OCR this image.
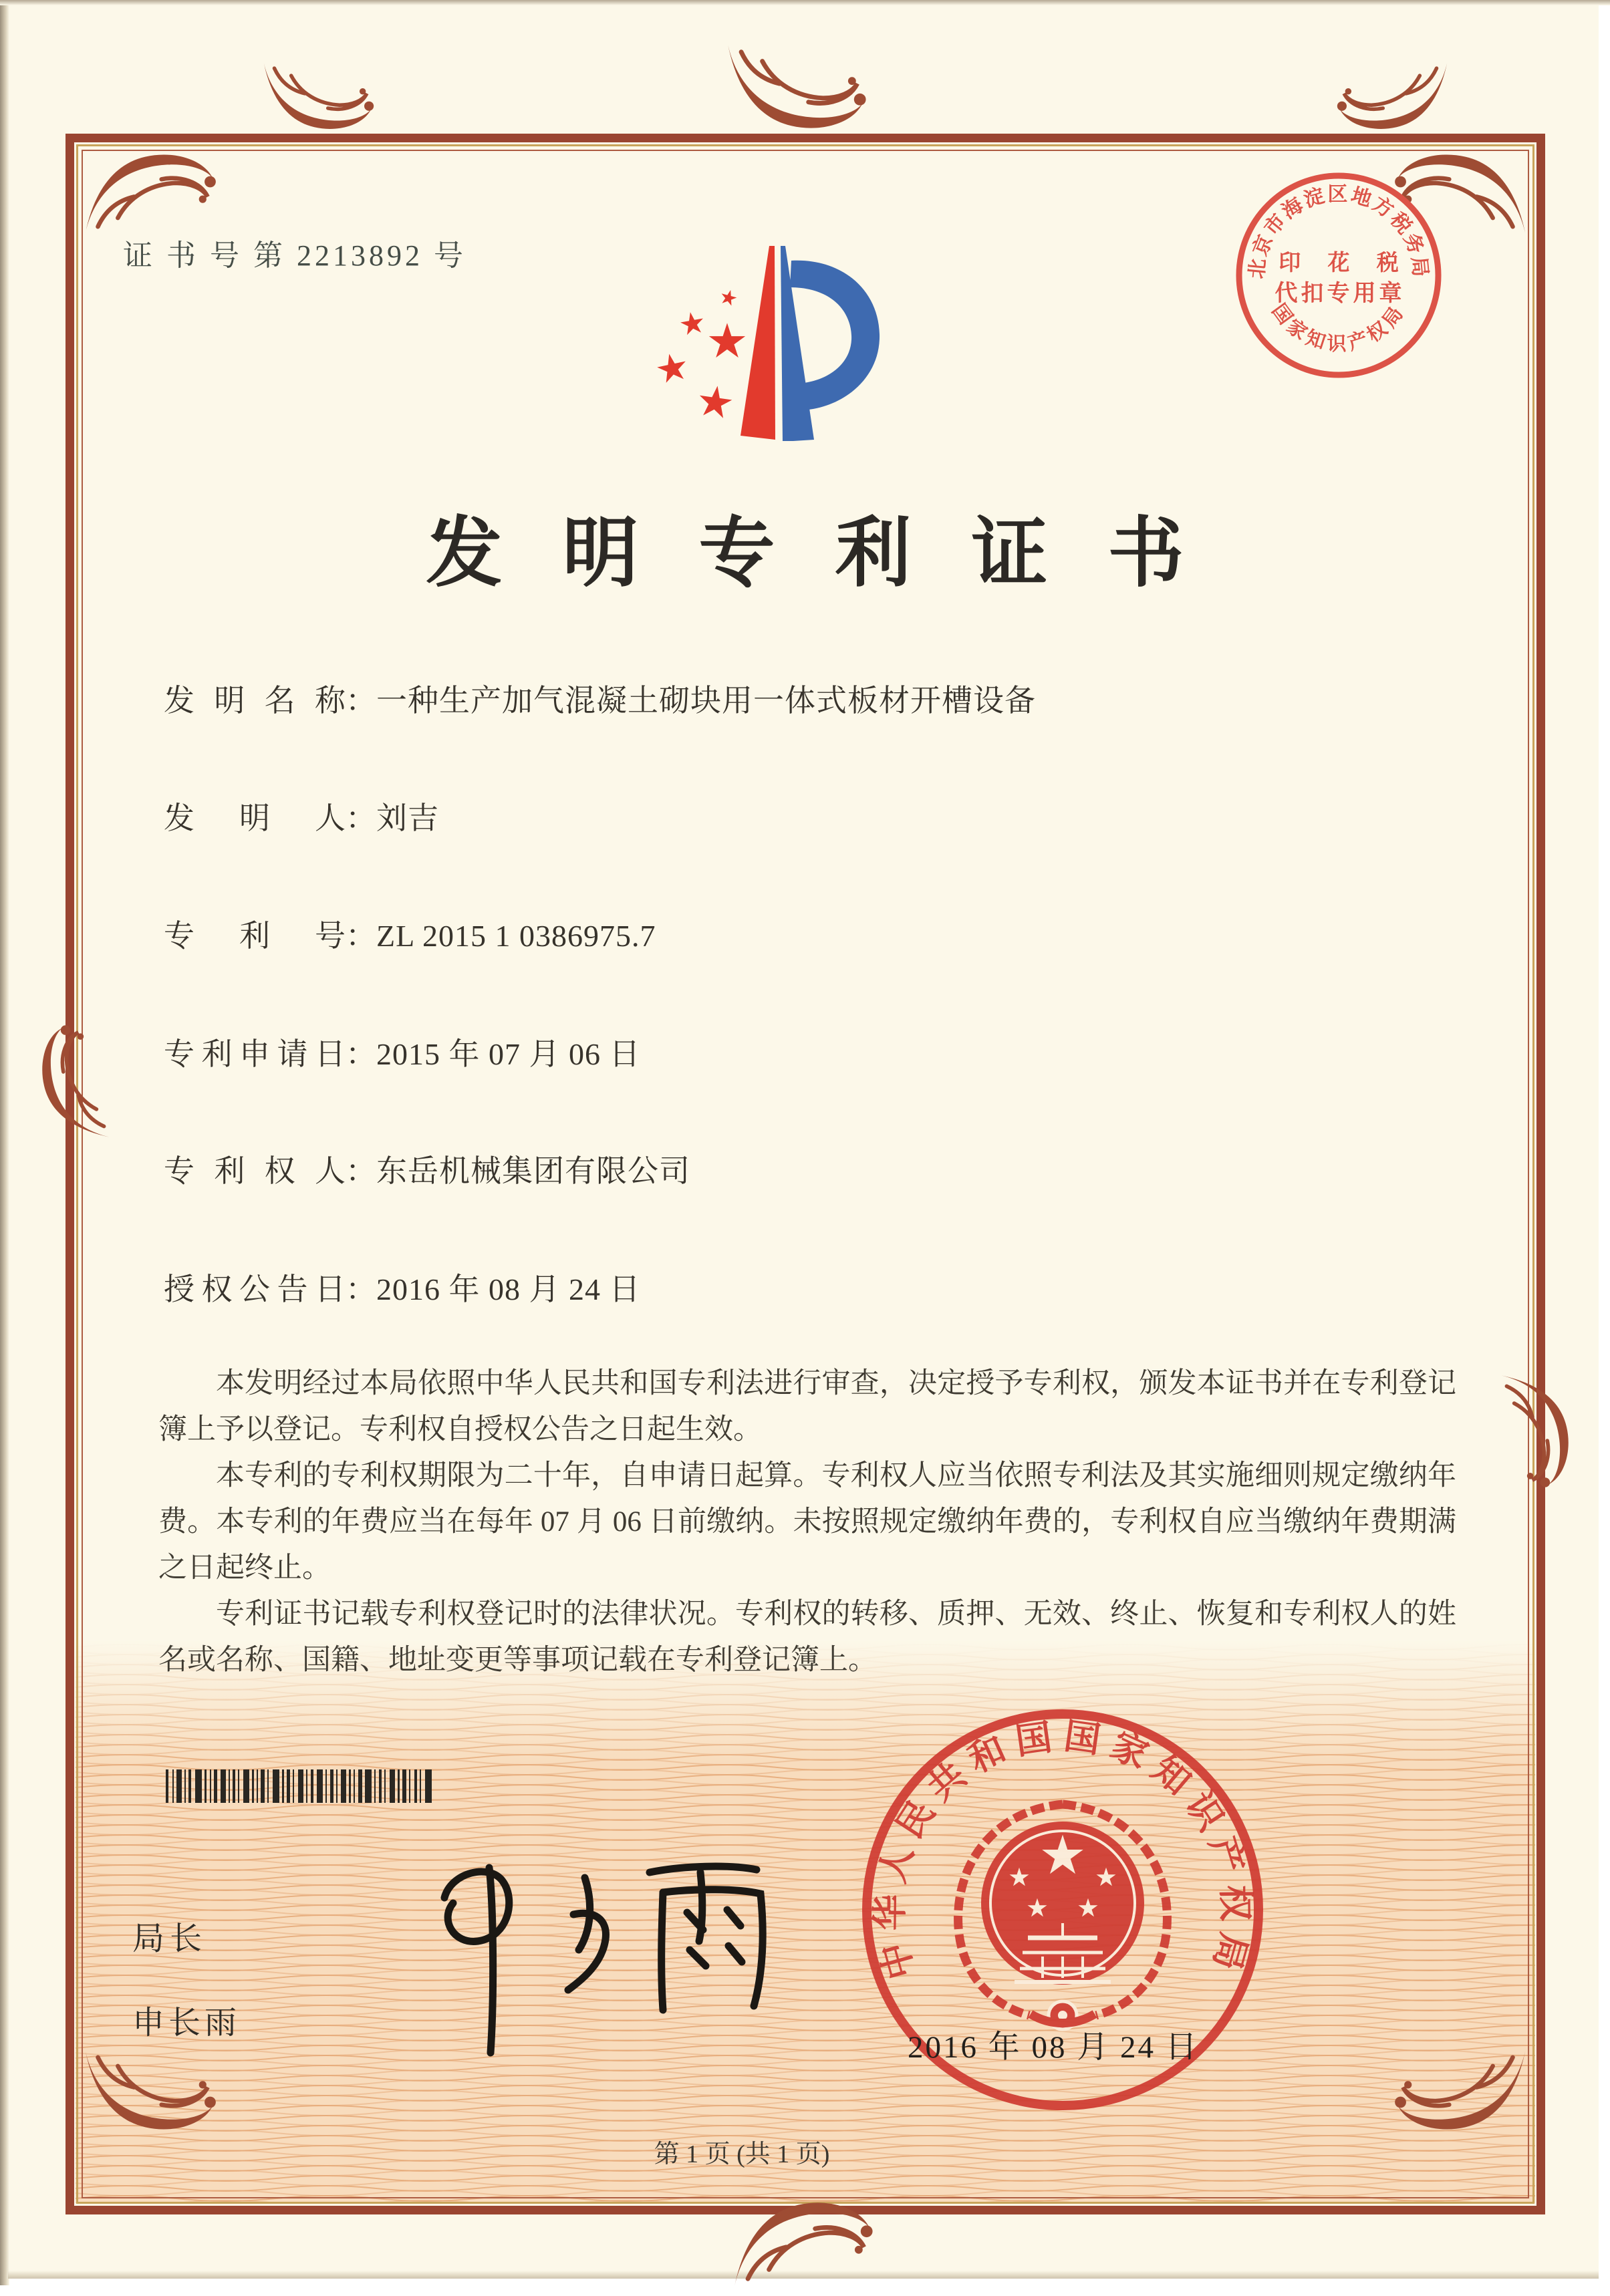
证 书 号 第 2213892 号
发明专利证书
发明名称：一种生产加气混凝土砌块用一体式板材开槽设备
发明人：刘吉
专利号：ZL 2015 1 0386975.7
专利申请日：2015 年 07 月 06 日
专利权人：东岳机械集团有限公司
授权公告日：2016 年 08 月 24 日

本发明经过本局依照中华人民共和国专利法进行审查，决定授予专利权，颁发本证书并在专利登记簿上予以登记。专利权自授权公告之日起生效。

本专利的专利权期限为二十年，自申请日起算。专利权人应当依照专利法及其实施细则规定缴纳年费。本专利的年费应当在每年 07 月 06 日前缴纳。未按照规定缴纳年费的，专利权自应当缴纳年费期满之日起终止。

专利证书记载专利权登记时的法律状况。专利权的转移、质押、无效、终止、恢复和专利权人的姓名或名称、国籍、地址变更等事项记载在专利登记簿上。

局长
申长雨
中华人民共和国国家知识产权局
2016 年 08 月 24 日
第 1 页 (共 1 页)
北京市海淀区地方税务局
国家知识产权局
印 花 税
代扣专用章
